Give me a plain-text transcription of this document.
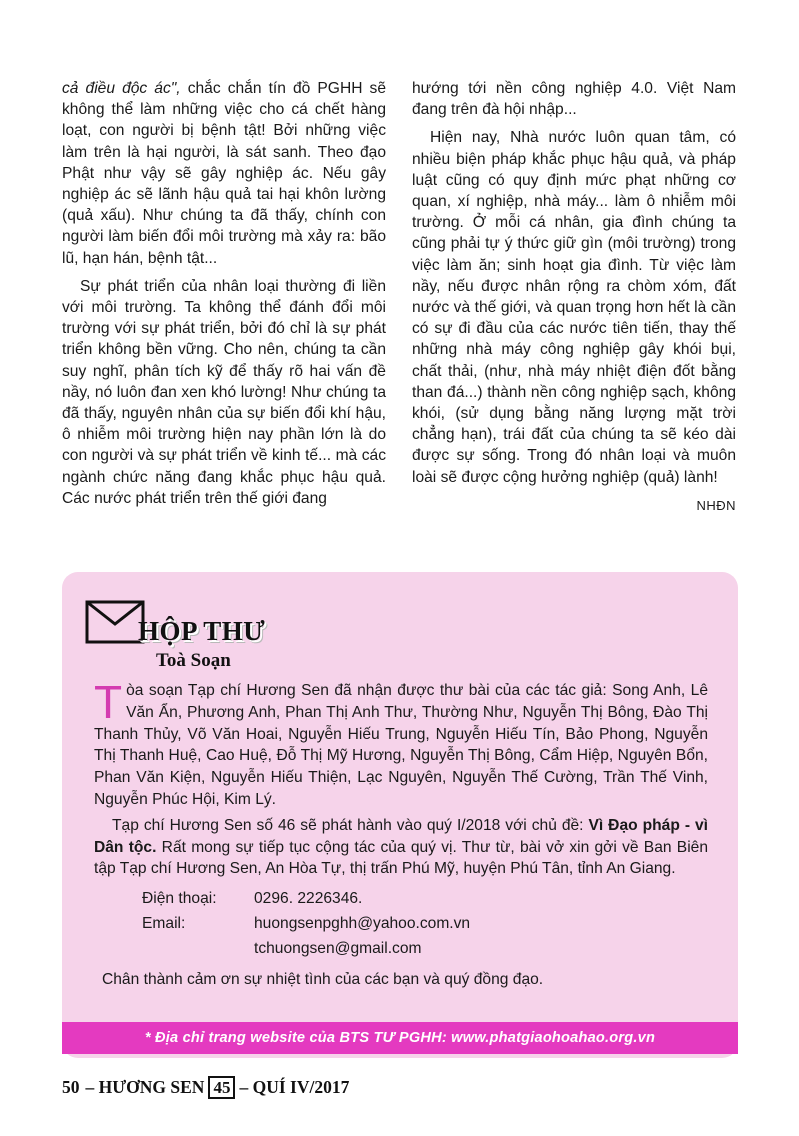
cả điều độc ác", chắc chắn tín đồ PGHH sẽ không thể làm những việc cho cá chết hàng loạt, con người bị bệnh tật! Bởi những việc làm trên là hại người, là sát sanh. Theo đạo Phật như vậy sẽ gây nghiệp ác. Nếu gây nghiệp ác sẽ lãnh hậu quả tai hại khôn lường (quả xấu). Như chúng ta đã thấy, chính con người làm biến đổi môi trường mà xảy ra: bão lũ, hạn hán, bệnh tật...

Sự phát triển của nhân loại thường đi liền với môi trường. Ta không thể đánh đổi môi trường với sự phát triển, bởi đó chỉ là sự phát triển không bền vững. Cho nên, chúng ta cần suy nghĩ, phân tích kỹ để thấy rõ hai vấn đề nầy, nó luôn đan xen khó lường! Như chúng ta đã thấy, nguyên nhân của sự biến đổi khí hậu, ô nhiễm môi trường hiện nay phần lớn là do con người và sự phát triển về kinh tế... mà các ngành chức năng đang khắc phục hậu quả. Các nước phát triển trên thế giới đang

hướng tới nền công nghiệp 4.0. Việt Nam đang trên đà hội nhập...

Hiện nay, Nhà nước luôn quan tâm, có nhiều biện pháp khắc phục hậu quả, và pháp luật cũng có quy định mức phạt những cơ quan, xí nghiệp, nhà máy... làm ô nhiễm môi trường. Ở mỗi cá nhân, gia đình chúng ta cũng phải tự ý thức giữ gìn (môi trường) trong việc làm ăn; sinh hoạt gia đình. Từ việc làm nầy, nếu được nhân rộng ra chòm xóm, đất nước và thế giới, và quan trọng hơn hết là cần có sự đi đầu của các nước tiên tiến, thay thế những nhà máy công nghiệp gây khói bụi, chất thải, (như, nhà máy nhiệt điện đốt bằng than đá...) thành nền công nghiệp sạch, không khói, (sử dụng bằng năng lượng mặt trời chẳng hạn), trái đất của chúng ta sẽ kéo dài được sự sống. Trong đó nhân loại và muôn loài sẽ được cộng hưởng nghiệp (quả) lành!

NHĐN

HỘP THƯ
Toà Soạn

Tòa soạn Tạp chí Hương Sen đã nhận được thư bài của các tác giả: Song Anh, Lê Văn Ẩn, Phương Anh, Phan Thị Anh Thư, Thường Như, Nguyễn Thị Bông, Đào Thị Thanh Thủy, Võ Văn Hoai, Nguyễn Hiếu Trung, Nguyễn Hiếu Tín, Bảo Phong, Nguyễn Thị Thanh Huệ, Cao Huệ, Đỗ Thị Mỹ Hương, Nguyễn Thị Bông, Cẩm Hiệp, Nguyên Bổn, Phan Văn Kiện, Nguyễn Hiếu Thiện, Lạc Nguyên, Nguyễn Thế Cường, Trần Thế Vinh, Nguyễn Phúc Hội, Kim Lý.

Tạp chí Hương Sen số 46 sẽ phát hành vào quý I/2018 với chủ đề: Vì Đạo pháp - vì Dân tộc. Rất mong sự tiếp tục cộng tác của quý vị. Thư từ, bài vở xin gởi về Ban Biên tập Tạp chí Hương Sen, An Hòa Tự, thị trấn Phú Mỹ, huyện Phú Tân, tỉnh An Giang.

Điện thoại:	0296. 2226346.
Email:	huongsenpghh@yahoo.com.vn
tchuongsen@gmail.com
Chân thành cảm ơn sự nhiệt tình của các bạn và quý đồng đạo.
* Địa chỉ trang website của BTS TƯ PGHH: www.phatgiaohoahao.org.vn
50 – HƯƠNG SEN 45 – QUÍ IV/2017
